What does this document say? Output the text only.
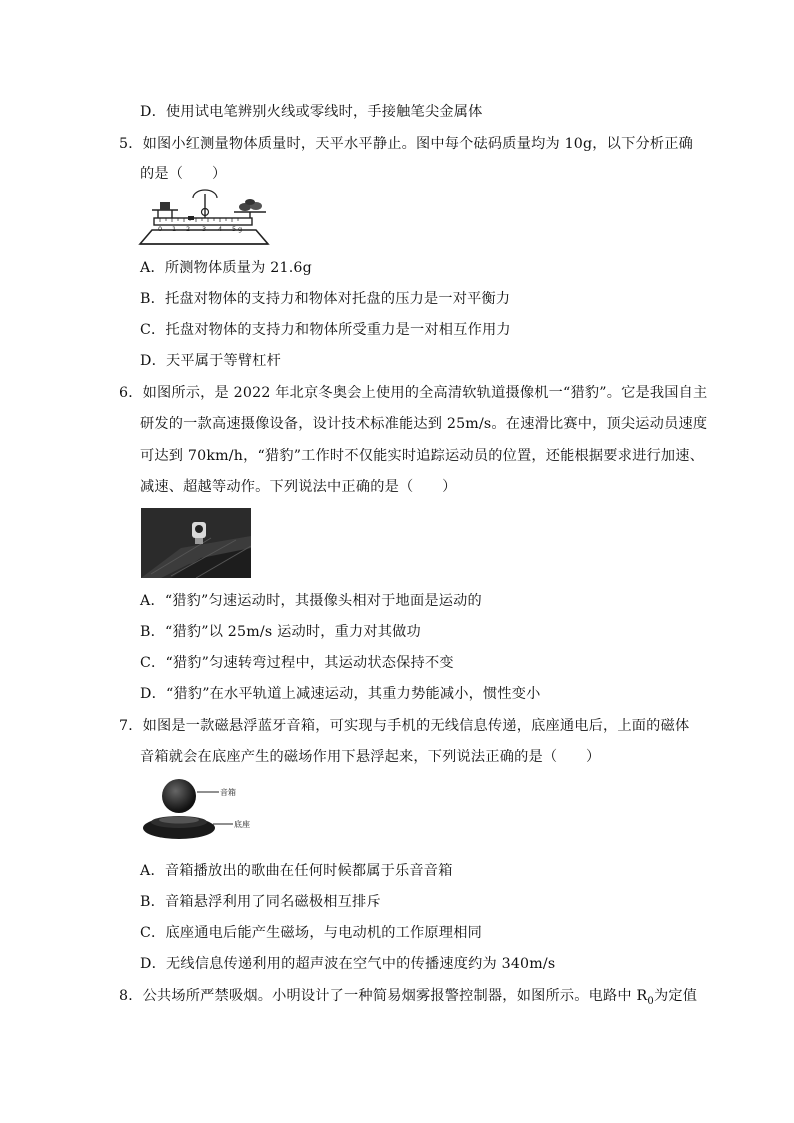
D．使用试电笔辨别火线或零线时，手接触笔尖金属体
5．如图小红测量物体质量时，天平水平静止。图中每个砝码质量均为 10g，以下分析正确
的是（　　）
0 1 2 3 4 5 g
A．所测物体质量为 21.6g
B．托盘对物体的支持力和物体对托盘的压力是一对平衡力
C．托盘对物体的支持力和物体所受重力是一对相互作用力
D．天平属于等臂杠杆
6．如图所示，是 2022 年北京冬奥会上使用的全高清软轨道摄像机一“猎豹”。它是我国自主
研发的一款高速摄像设备，设计技术标准能达到 25m/s。在速滑比赛中，顶尖运动员速度
可达到 70km/h，“猎豹”工作时不仅能实时追踪运动员的位置，还能根据要求进行加速、
减速、超越等动作。下列说法中正确的是（　　）
A．“猎豹”匀速运动时，其摄像头相对于地面是运动的
B．“猎豹”以 25m/s 运动时，重力对其做功
C．“猎豹”匀速转弯过程中，其运动状态保持不变
D．“猎豹”在水平轨道上减速运动，其重力势能减小，惯性变小
7．如图是一款磁悬浮蓝牙音箱，可实现与手机的无线信息传递，底座通电后，上面的磁体
音箱就会在底座产生的磁场作用下悬浮起来，下列说法正确的是（　　）
音箱
底座
A．音箱播放出的歌曲在任何时候都属于乐音音箱
B．音箱悬浮利用了同名磁极相互排斥
C．底座通电后能产生磁场，与电动机的工作原理相同
D．无线信息传递利用的超声波在空气中的传播速度约为 340m/s
8．公共场所严禁吸烟。小明设计了一种简易烟雾报警控制器，如图所示。电路中 $R_0$为定值
